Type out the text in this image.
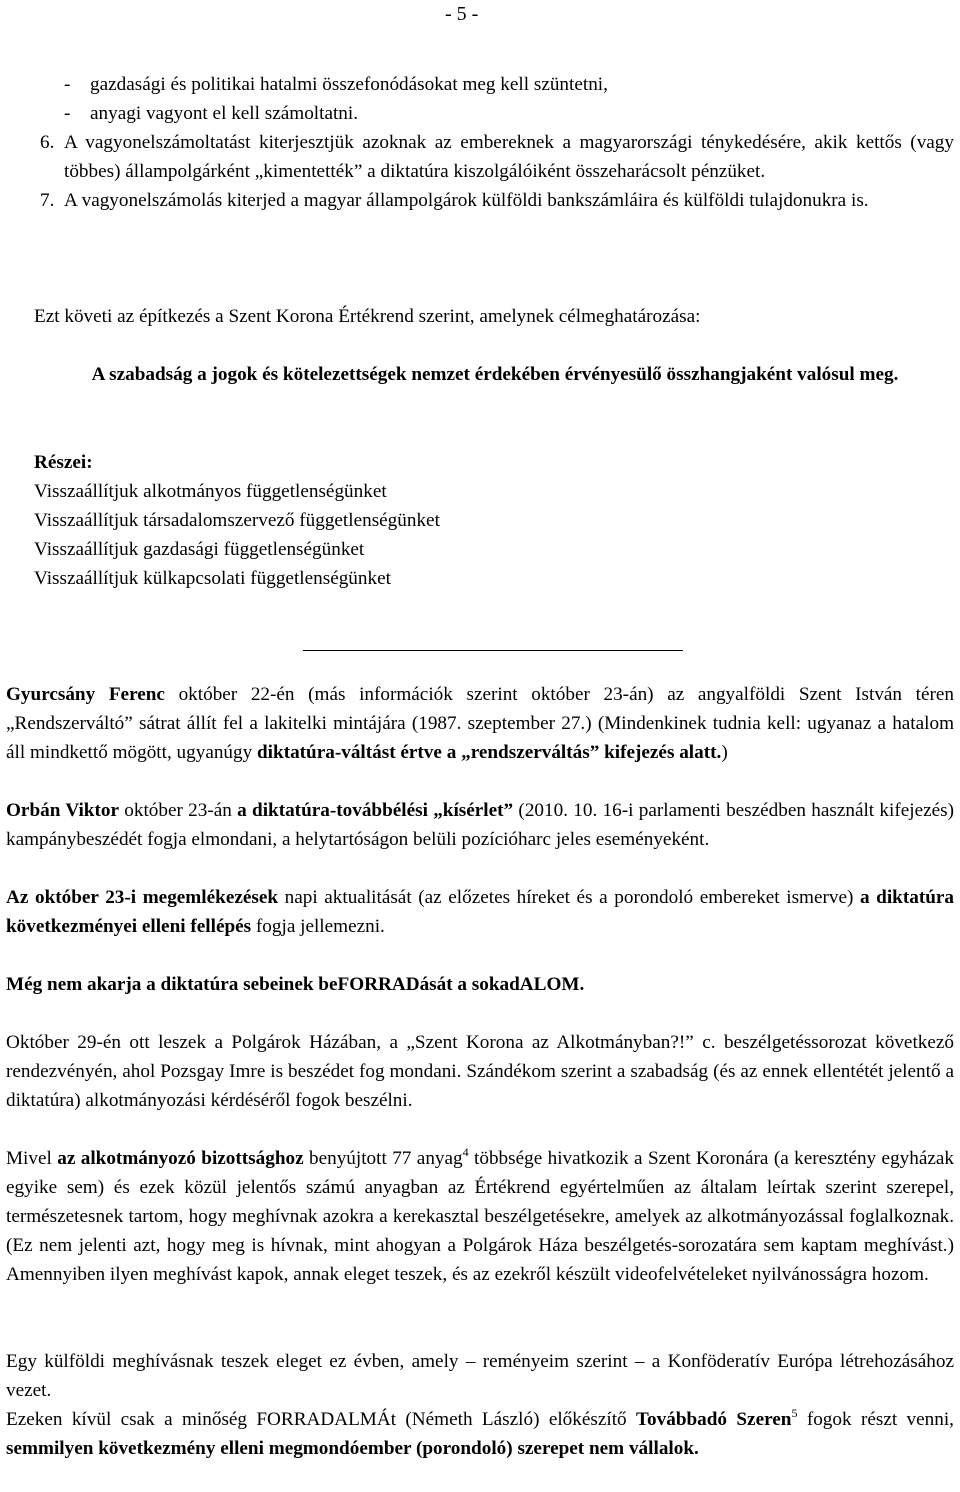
- 5 -
-	gazdasági és politikai hatalmi összefonódásokat meg kell szüntetni,
-	anyagi vagyont el kell számoltatni.
6. A vagyonelszámoltatást kiterjesztjük azoknak az embereknek a magyarországi ténykedésére, akik kettős (vagy többes) állampolgárként „kimentették” a diktatúra kiszolgálóiként összeharácsolt pénzüket.
7. A vagyonelszámolás kiterjed a magyar állampolgárok külföldi bankszámláira és külföldi tulajdonukra is.
Ezt követi az építkezés a Szent Korona Értékrend szerint, amelynek célmeghatározása:
A szabadság a jogok és kötelezettségek nemzet érdekében érvényesülő összhangjaként valósul meg.
Részei:
Visszaállítjuk alkotmányos függetlenségünket
Visszaállítjuk társadalomszervező függetlenségünket
Visszaállítjuk gazdasági függetlenségünket
Visszaállítjuk külkapcsolati függetlenségünket
Gyurcsány Ferenc október 22-én (más információk szerint október 23-án) az angyalföldi Szent István téren „Rendszerváltó” sátrat állít fel a lakitelki mintájára (1987. szeptember 27.) (Mindenkinek tudnia kell: ugyanaz a hatalom áll mindkettő mögött, ugyanúgy diktatúra-váltást értve a „rendszerváltás” kifejezés alatt.)
Orbán Viktor október 23-án a diktatúra-továbbélési „kísérlet” (2010. 10. 16-i parlamenti beszédben használt kifejezés) kampánybeszédét fogja elmondani, a helytartóságon belüli pozícióharc jeles eseményeként.
Az október 23-i megemlékezések napi aktualitását (az előzetes híreket és a porondoló embereket ismerve) a diktatúra következményei elleni fellépés fogja jellemezni.
Még nem akarja a diktatúra sebeinek beFORRADását a sokadALOM.
Október 29-én ott leszek a Polgárok Házában, a „Szent Korona az Alkotmányban?!” c. beszélgetéssorozat következő rendezvényén, ahol Pozsgay Imre is beszédet fog mondani. Szándékom szerint a szabadság (és az ennek ellentétét jelentő a diktatúra) alkotmányozási kérdéséről fogok beszélni.
Mivel az alkotmányozó bizottsághoz benyújtott 77 anyag$^4$ többsége hivatkozik a Szent Koronára (a keresztény egyházak egyike sem) és ezek közül jelentős számú anyagban az Értékrend egyértelműen az általam leírtak szerint szerepel, természetesnek tartom, hogy meghívnak azokra a kerekasztal beszélgetésekre, amelyek az alkotmányozással foglalkoznak. (Ez nem jelenti azt, hogy meg is hívnak, mint ahogyan a Polgárok Háza beszélgetés-sorozatára sem kaptam meghívást.) Amennyiben ilyen meghívást kapok, annak eleget teszek, és az ezekről készült videofelvételeket nyilvánosságra hozom.
Egy külföldi meghívásnak teszek eleget ez évben, amely – reményeim szerint – a Konföderatív Európa létrehozásához vezet.
Ezeken kívül csak a minőség FORRADALMÁt (Németh László) előkészítő Továbbadó Szeren$^5$ fogok részt venni, semmilyen következmény elleni megmondóember (porondoló) szerepet nem vállalok.
